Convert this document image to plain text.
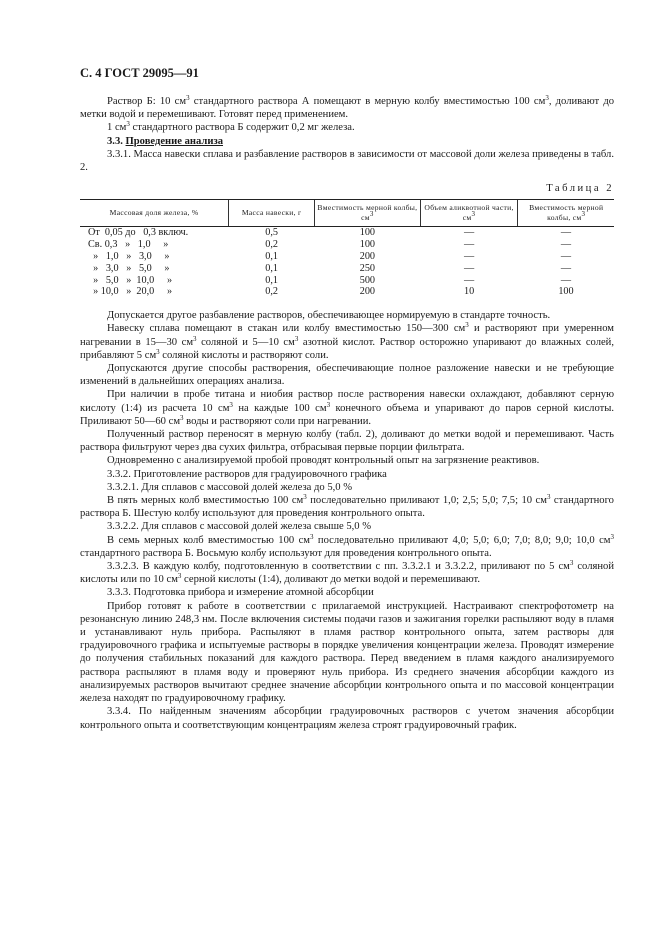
С. 4 ГОСТ 29095—91

Раствор Б: 10 $см^3$ стандартного раствора А помещают в мерную колбу вместимостью 100 $см^3$, доливают до метки водой и перемешивают. Готовят перед применением.

1 $см^3$ стандартного раствора Б содержит 0,2 мг железа.

3.3. Проведение анализа

3.3.1. Масса навески сплава и разбавление растворов в зависимости от массовой доли железа приведены в табл. 2.

Таблица 2
Массовая доля железа, %	Масса навески, г	Вместимость мерной колбы, $см^3$	Объем аликвотной части, $см^3$	Вместимость мерной колбы, $см^3$
От  0,05 до   0,3 включ.	0,5	100	—	—
Св. 0,3   »   1,0     »	0,2	100	—	—
»   1,0   »   3,0     »	0,1	200	—	—
»   3,0   »   5,0     »	0,1	250	—	—
»   5,0   »  10,0     »	0,1	500	—	—
» 10,0   »  20,0     »	0,2	200	10	100

Допускается другое разбавление растворов, обеспечивающее нормируемую в стандарте точность.

Навеску сплава помещают в стакан или колбу вместимостью 150—300 $см^3$ и растворяют при умеренном нагревании в 15—30 $см^3$ соляной и 5—10 $см^3$ азотной кислот. Раствор осторожно упаривают до влажных солей, прибавляют 5 $см^3$ соляной кислоты и растворяют соли.

Допускаются другие способы растворения, обеспечивающие полное разложение навески и не требующие изменений в дальнейших операциях анализа.

При наличии в пробе титана и ниобия раствор после растворения навески охлаждают, добавляют серную кислоту (1:4) из расчета 10 $см^3$ на каждые 100 $см^3$ конечного объема и упаривают до паров серной кислоты. Приливают 50—60 $см^3$ воды и растворяют соли при нагревании.

Полученный раствор переносят в мерную колбу (табл. 2), доливают до метки водой и перемешивают. Часть раствора фильтруют через два сухих фильтра, отбрасывая первые порции фильтрата.

Одновременно с анализируемой пробой проводят контрольный опыт на загрязнение реактивов.

3.3.2. Приготовление растворов для градуировочного графика

3.3.2.1. Для сплавов с массовой долей железа до 5,0 %

В пять мерных колб вместимостью 100 $см^3$ последовательно приливают 1,0; 2,5; 5,0; 7,5; 10 $см^3$ стандартного раствора Б. Шестую колбу используют для проведения контрольного опыта.

3.3.2.2. Для сплавов с массовой долей железа свыше 5,0 %

В семь мерных колб вместимостью 100 $см^3$ последовательно приливают 4,0; 5,0; 6,0; 7,0; 8,0; 9,0; 10,0 $см^3$ стандартного раствора Б. Восьмую колбу используют для проведения контрольного опыта.

3.3.2.3. В каждую колбу, подготовленную в соответствии с пп. 3.3.2.1 и 3.3.2.2, приливают по 5 $см^3$ соляной кислоты или по 10 $см^3$ серной кислоты (1:4), доливают до метки водой и перемешивают.

3.3.3. Подготовка прибора и измерение атомной абсорбции

Прибор готовят к работе в соответствии с прилагаемой инструкцией. Настраивают спектрофотометр на резонансную линию 248,3 нм. После включения системы подачи газов и зажигания горелки распыляют воду в пламя и устанавливают нуль прибора. Распыляют в пламя раствор контрольного опыта, затем растворы для градуировочного графика и испытуемые растворы в порядке увеличения концентрации железа. Проводят измерение до получения стабильных показаний для каждого раствора. Перед введением в пламя каждого анализируемого раствора распыляют в пламя воду и проверяют нуль прибора. Из среднего значения абсорбции каждого из анализируемых растворов вычитают среднее значение абсорбции контрольного опыта и по массовой концентрации железа находят по градуировочному графику.

3.3.4. По найденным значениям абсорбции градуировочных растворов с учетом значения абсорбции контрольного опыта и соответствующим концентрациям железа строят градуировочный график.
